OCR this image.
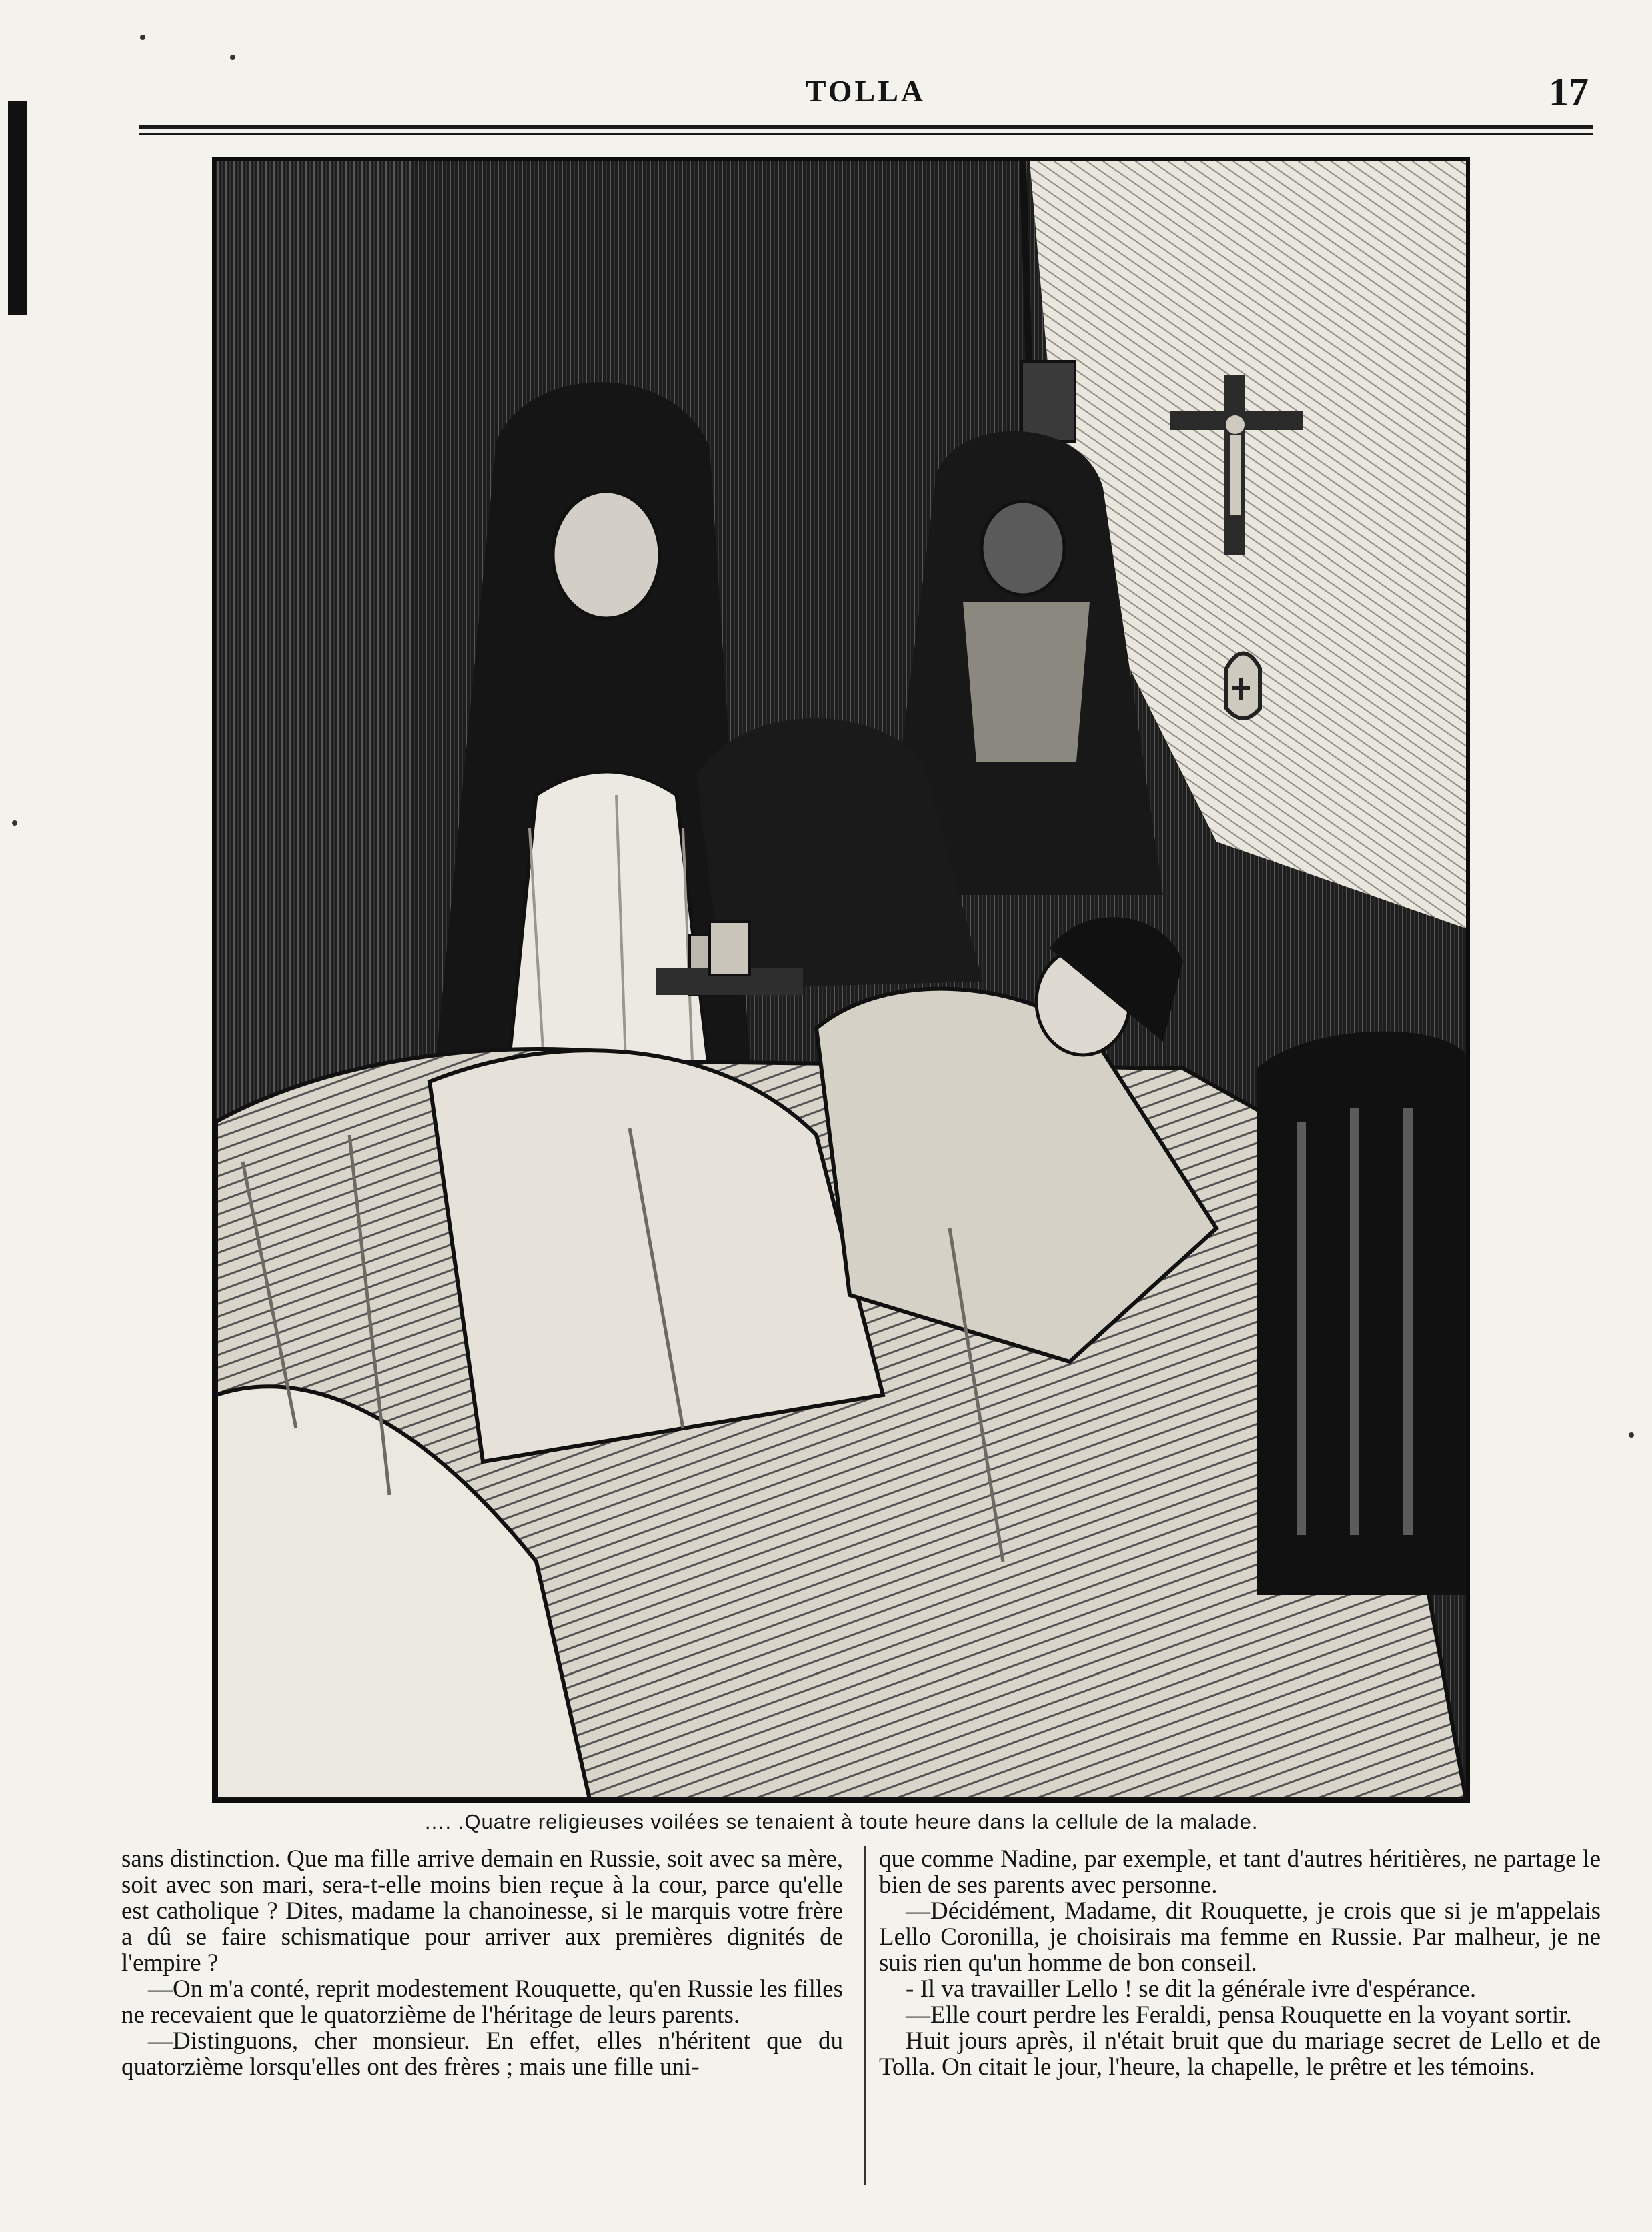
TOLLA	17
…. .Quatre religieuses voilées se tenaient à toute heure dans la cellule de la malade.

sans distinction. Que ma fille arrive demain en Russie, soit avec sa mère, soit avec son mari, sera-t-elle moins bien reçue à la cour, parce qu'elle est catholique ? Dites, madame la chanoinesse, si le marquis votre frère a dû se faire schismatique pour arriver aux premières dignités de l'empire ?

—On m'a conté, reprit modestement Rouquette, qu'en Russie les filles ne recevaient que le quatorzième de l'héritage de leurs parents.

—Distinguons, cher monsieur. En effet, elles n'héritent que du quatorzième lorsqu'elles ont des frères ; mais une fille uni-

que comme Nadine, par exemple, et tant d'autres héritières, ne partage le bien de ses parents avec personne.

—Décidément, Madame, dit Rouquette, je crois que si je m'appelais Lello Coronilla, je choisirais ma femme en Russie. Par malheur, je ne suis rien qu'un homme de bon conseil.

- Il va travailler Lello ! se dit la générale ivre d'espérance.

—Elle court perdre les Feraldi, pensa Rouquette en la voyant sortir.

Huit jours après, il n'était bruit que du mariage secret de Lello et de Tolla. On citait le jour, l'heure, la chapelle, le prêtre et les témoins.
